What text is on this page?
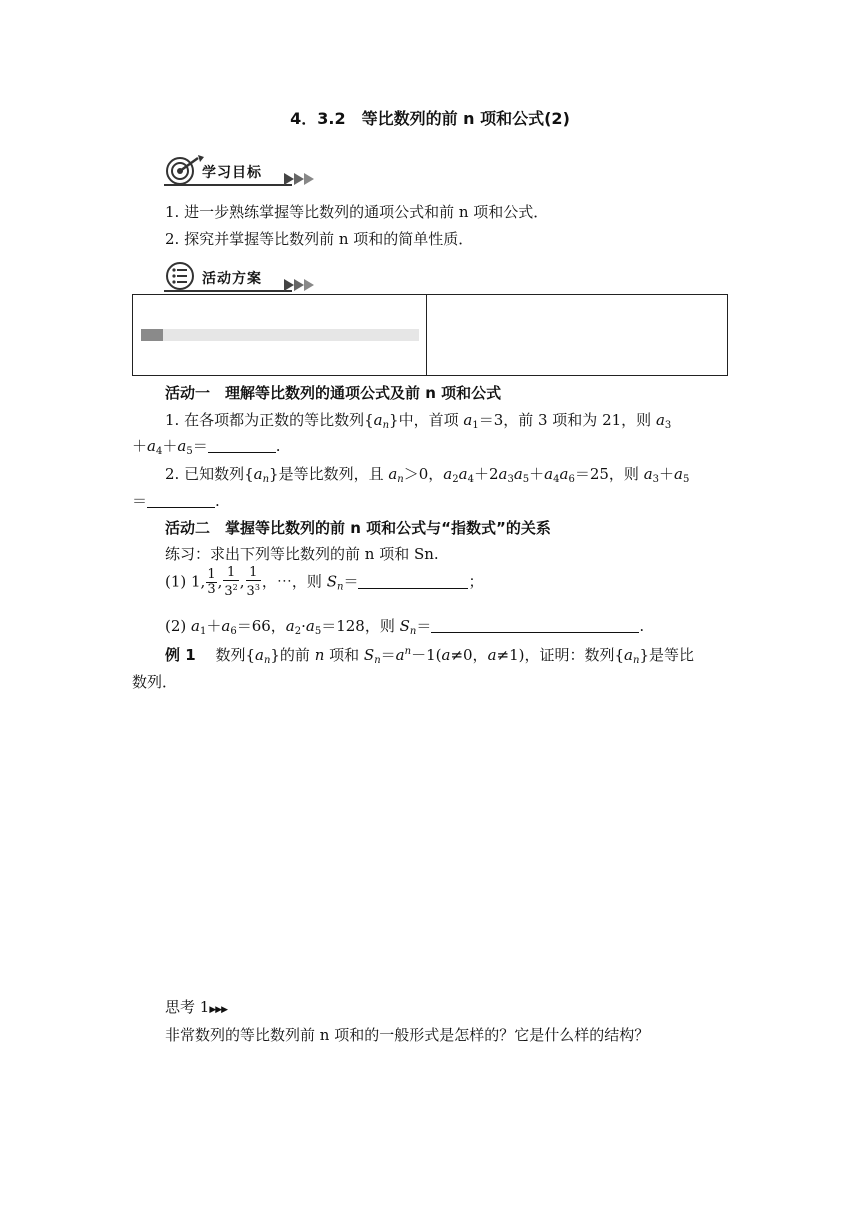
4．3.2　等比数列的前 n 项和公式(2)
学习目标
1. 进一步熟练掌握等比数列的通项公式和前 n 项和公式．
2. 探究并掌握等比数列前 n 项和的简单性质．
活动方案
活动一　理解等比数列的通项公式及前 n 项和公式
1. 在各项都为正数的等比数列$\{a_n\}$中，首项 $a_1=3$，前 3 项和为 21，则 $a_3$
$+a_4+a_5=$	.
2. 已知数列$\{a_n\}$是等比数列，且 $a_n>0$，$a_2a_4+2a_3a_5+a_4a_6=25$，则 $a_3+a_5$
＝	.
活动二　掌握等比数列的前 n 项和公式与“指数式”的关系
练习：求出下列等比数列的前 n 项和 Sn.
(1) 1, $\frac{1}{3}$ , $\frac{1}{3^2}$ , $\frac{1}{3^3}$ ，⋯，则 $S_n=$	；
(2) $a_1+a_6=66$，$a_2\cdot a_5=128$，则 $S_n=$	.
例 1 　数列$\{a_n\}$的前 n 项和 $S_n=a^n-1(a\ne 0$，a≠1)，证明：数列$\{a_n\}$是等比
数列．
思考 1▶▶▶
非常数列的等比数列前 n 项和的一般形式是怎样的？它是什么样的结构？
